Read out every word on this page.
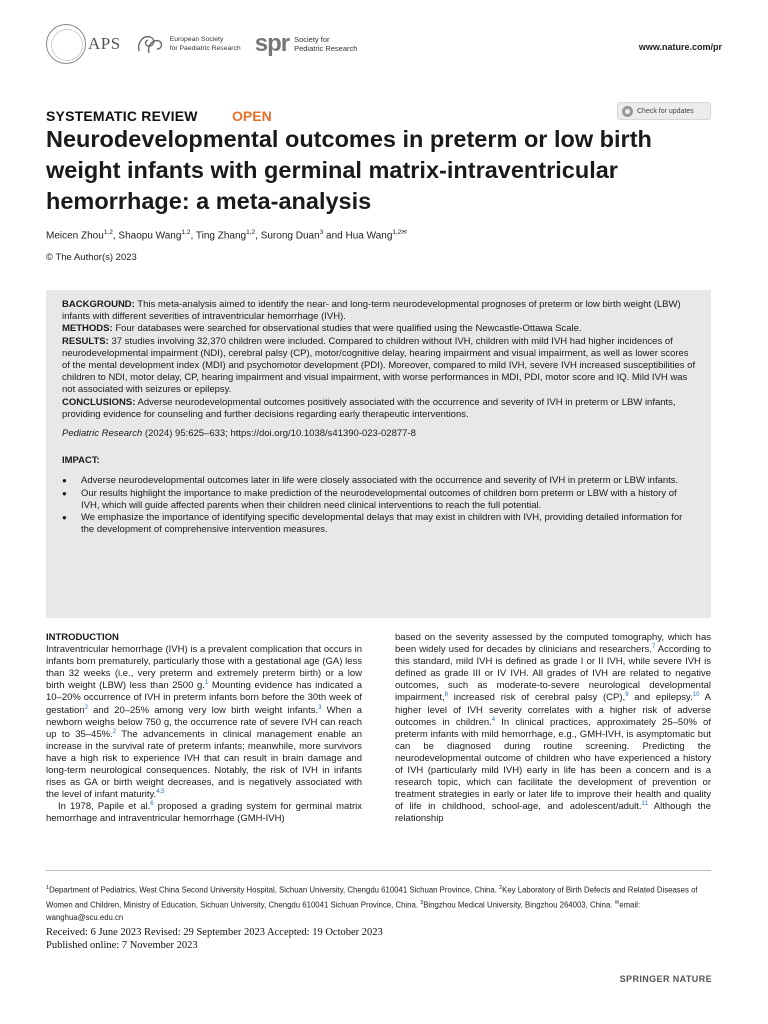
APS	European Society
for Paediatric Research spr Society for
Pediatric Research	www.nature.com/pr
SYSTEMATIC REVIEW OPEN	Check for updates
Neurodevelopmental outcomes in preterm or low birth weight infants with germinal matrix-intraventricular hemorrhage: a meta-analysis
Meicen Zhou$^{1,2}$, Shaopu Wang$^{1,2}$, Ting Zhang$^{1,2}$, Surong Duan$^3$ and Hua Wang$^{1,2✉}$
© The Author(s) 2023

BACKGROUND: This meta-analysis aimed to identify the near- and long-term neurodevelopmental prognoses of preterm or low birth weight (LBW) infants with different severities of intraventricular hemorrhage (IVH).

METHODS: Four databases were searched for observational studies that were qualified using the Newcastle-Ottawa Scale.

RESULTS: 37 studies involving 32,370 children were included. Compared to children without IVH, children with mild IVH had higher incidences of neurodevelopmental impairment (NDI), cerebral palsy (CP), motor/cognitive delay, hearing impairment and visual impairment, as well as lower scores of the mental development index (MDI) and psychomotor development (PDI). Moreover, compared to mild IVH, severe IVH increased susceptibilities of children to NDI, motor delay, CP, hearing impairment and visual impairment, with worse performances in MDI, PDI, motor score and IQ. Mild IVH was not associated with seizures or epilepsy.

CONCLUSIONS: Adverse neurodevelopmental outcomes positively associated with the occurrence and severity of IVH in preterm or LBW infants, providing evidence for counseling and further decisions regarding early therapeutic interventions.

Pediatric Research (2024) 95:625–633; https://doi.org/10.1038/s41390-023-02877-8

IMPACT:

● Adverse neurodevelopmental outcomes later in life were closely associated with the occurrence and severity of IVH in preterm or LBW infants.
● Our results highlight the importance to make prediction of the neurodevelopmental outcomes of children born preterm or LBW with a history of IVH, which will guide affected parents when their children need clinical interventions to reach the full potential.
● We emphasize the importance of identifying specific developmental delays that may exist in children with IVH, providing detailed information for the development of comprehensive intervention measures.
INTRODUCTION

Intraventricular hemorrhage (IVH) is a prevalent complication that occurs in infants born prematurely, particularly those with a gestational age (GA) less than 32 weeks (i.e., very preterm and extremely preterm birth) or a low birth weight (LBW) less than 2500 g.$^1$ Mounting evidence has indicated a 10–20% occurrence of IVH in preterm infants born before the 30th week of gestation$^2$ and 20–25% among very low birth weight infants.$^3$ When a newborn weighs below 750 g, the occurrence rate of severe IVH can reach up to 35–45%.$^2$ The advancements in clinical management enable an increase in the survival rate of preterm infants; meanwhile, more survivors have a high risk to experience IVH that can result in brain damage and long-term neurological consequences. Notably, the risk of IVH in infants rises as GA or birth weight decreases, and is negatively associated with the level of infant maturity.$^{4,5}$

In 1978, Papile et al.$^6$ proposed a grading system for germinal matrix hemorrhage and intraventricular hemorrhage (GMH-IVH)

based on the severity assessed by the computed tomography, which has been widely used for decades by clinicians and researchers.$^7$ According to this standard, mild IVH is defined as grade I or II IVH, while severe IVH is defined as grade III or IV IVH. All grades of IVH are related to negative outcomes, such as moderate-to-severe neurological developmental impairment,$^8$ increased risk of cerebral palsy (CP),$^9$ and epilepsy.$^{10}$ A higher level of IVH severity correlates with a higher risk of adverse outcomes in children.$^4$ In clinical practices, approximately 25–50% of preterm infants with mild hemorrhage, e.g., GMH-IVH, is asymptomatic but can be diagnosed during routine screening. Predicting the neurodevelopmental outcome of children who have experienced a history of IVH (particularly mild IVH) early in life has been a concern and is a research topic, which can facilitate the development of prevention or treatment strategies in early or later life to improve their health and quality of life in childhood, school-age, and adolescent/adult.$^{11}$ Although the relationship

$^1$Department of Pediatrics, West China Second University Hospital, Sichuan University, Chengdu 610041 Sichuan Province, China. $^2$Key Laboratory of Birth Defects and Related Diseases of Women and Children, Ministry of Education, Sichuan University, Chengdu 610041 Sichuan Province, China. $^3$Bingzhou Medical University, Bingzhou 264003, China. ✉email: wanghua@scu.edu.cn
Received: 6 June 2023 Revised: 29 September 2023 Accepted: 19 October 2023
Published online: 7 November 2023
SPRINGER NATURE
